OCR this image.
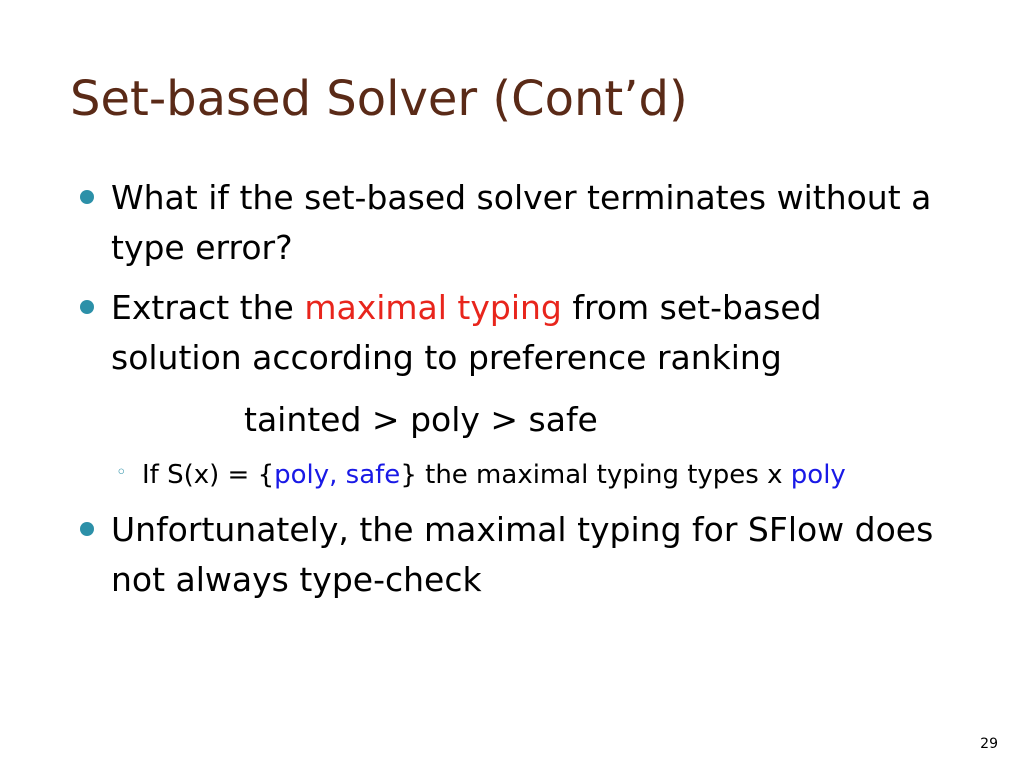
Set-based Solver (Cont’d)
What if the set-based solver terminates without a type error?
Extract the maximal typing from set-based solution according to preference ranking
tainted > poly > safe
◦ If S(x) = {poly, safe} the maximal typing types x poly
Unfortunately, the maximal typing for SFlow does not always type-check
29
